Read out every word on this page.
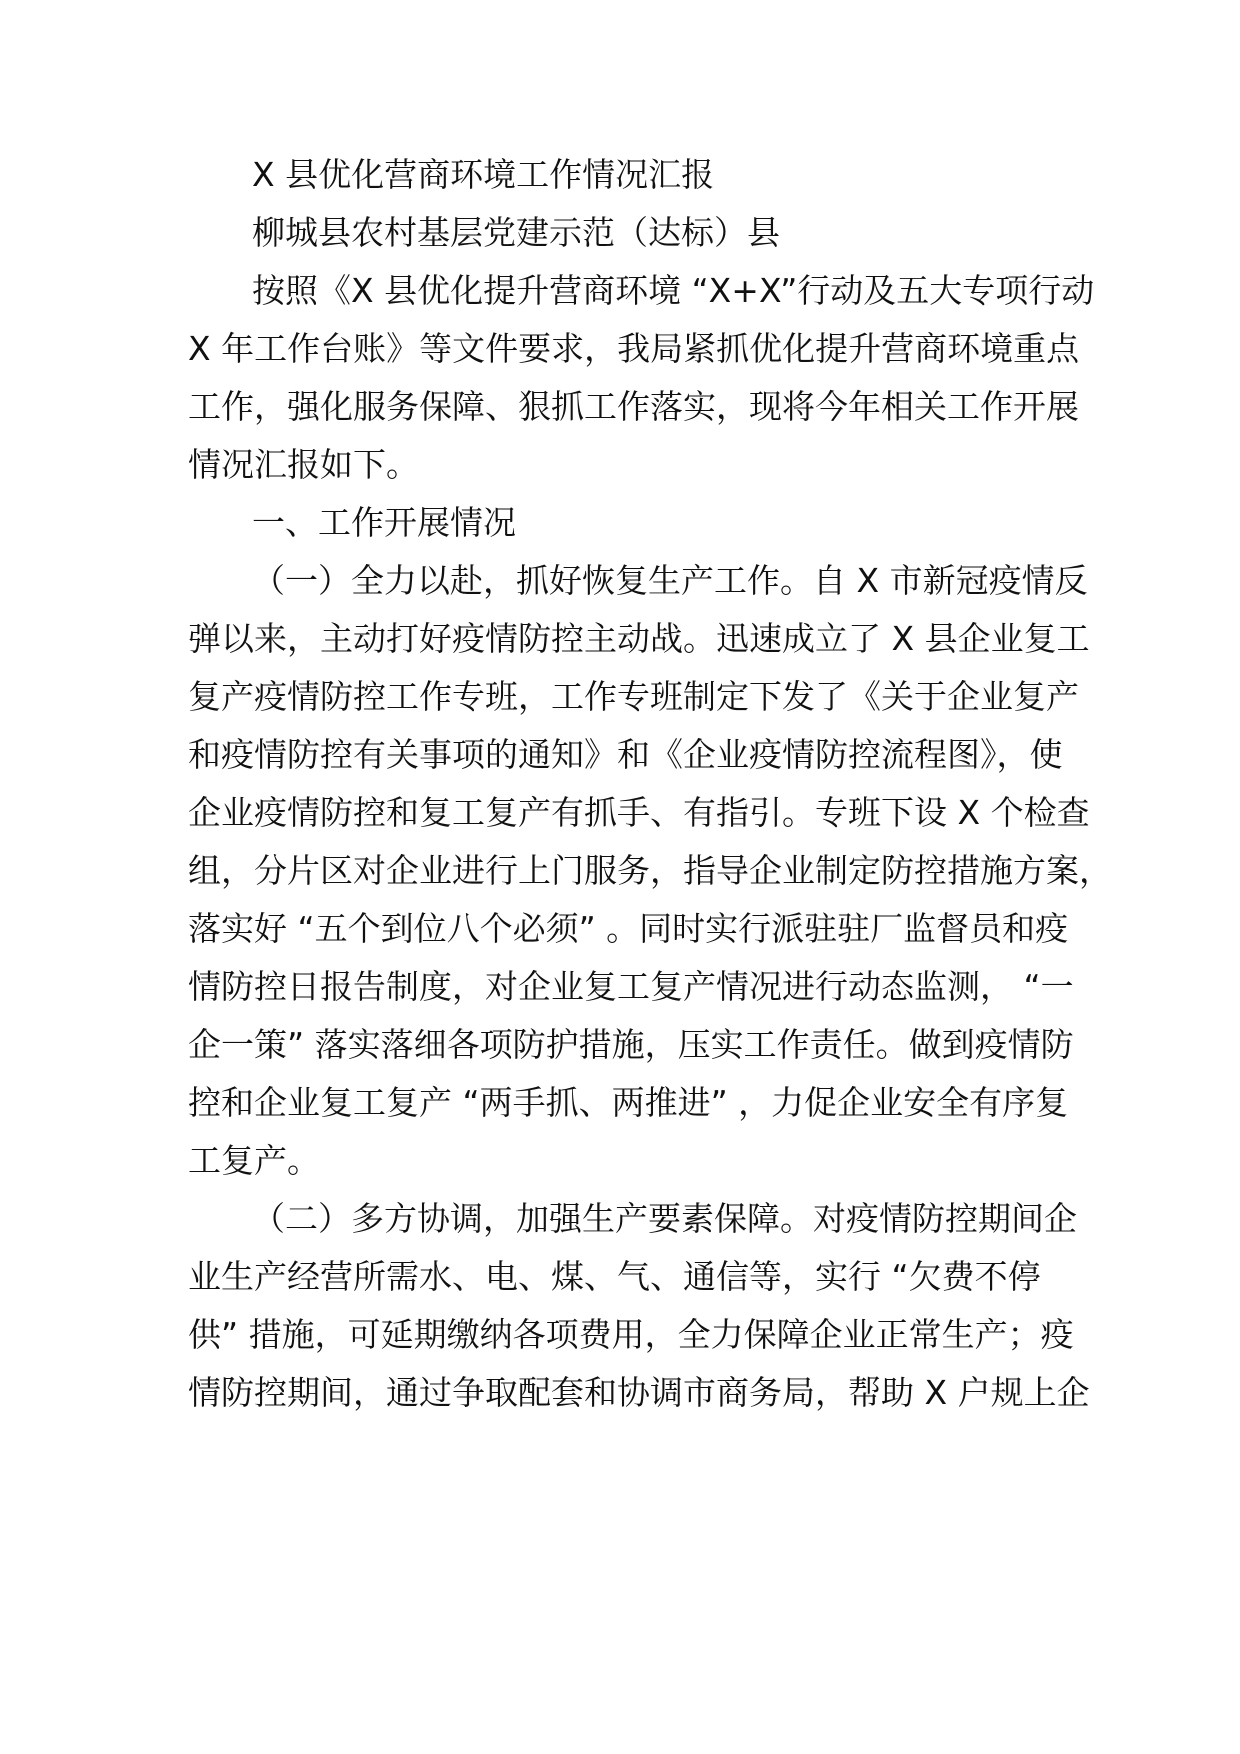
X 县优化营商环境工作情况汇报
柳城县农村基层党建示范（达标）县
按照《X 县优化提升营商环境 “X+X”行动及五大专项行动
X 年工作台账》等文件要求，我局紧抓优化提升营商环境重点
工作，强化服务保障、狠抓工作落实，现将今年相关工作开展
情况汇报如下。
一、工作开展情况
（一）全力以赴，抓好恢复生产工作。自 X 市新冠疫情反
弹以来，主动打好疫情防控主动战。迅速成立了 X 县企业复工
复产疫情防控工作专班，工作专班制定下发了《关于企业复产
和疫情防控有关事项的通知》和《企业疫情防控流程图》，使
企业疫情防控和复工复产有抓手、有指引。专班下设 X 个检查
组，分片区对企业进行上门服务，指导企业制定防控措施方案，
落实好 “五个到位八个必须” 。同时实行派驻驻厂监督员和疫
情防控日报告制度，对企业复工复产情况进行动态监测， “一
企一策” 落实落细各项防护措施，压实工作责任。做到疫情防
控和企业复工复产 “两手抓、两推进” ，力促企业安全有序复
工复产。
（二）多方协调，加强生产要素保障。对疫情防控期间企
业生产经营所需水、电、煤、气、通信等，实行 “欠费不停
供” 措施，可延期缴纳各项费用，全力保障企业正常生产；疫
情防控期间，通过争取配套和协调市商务局，帮助 X 户规上企
